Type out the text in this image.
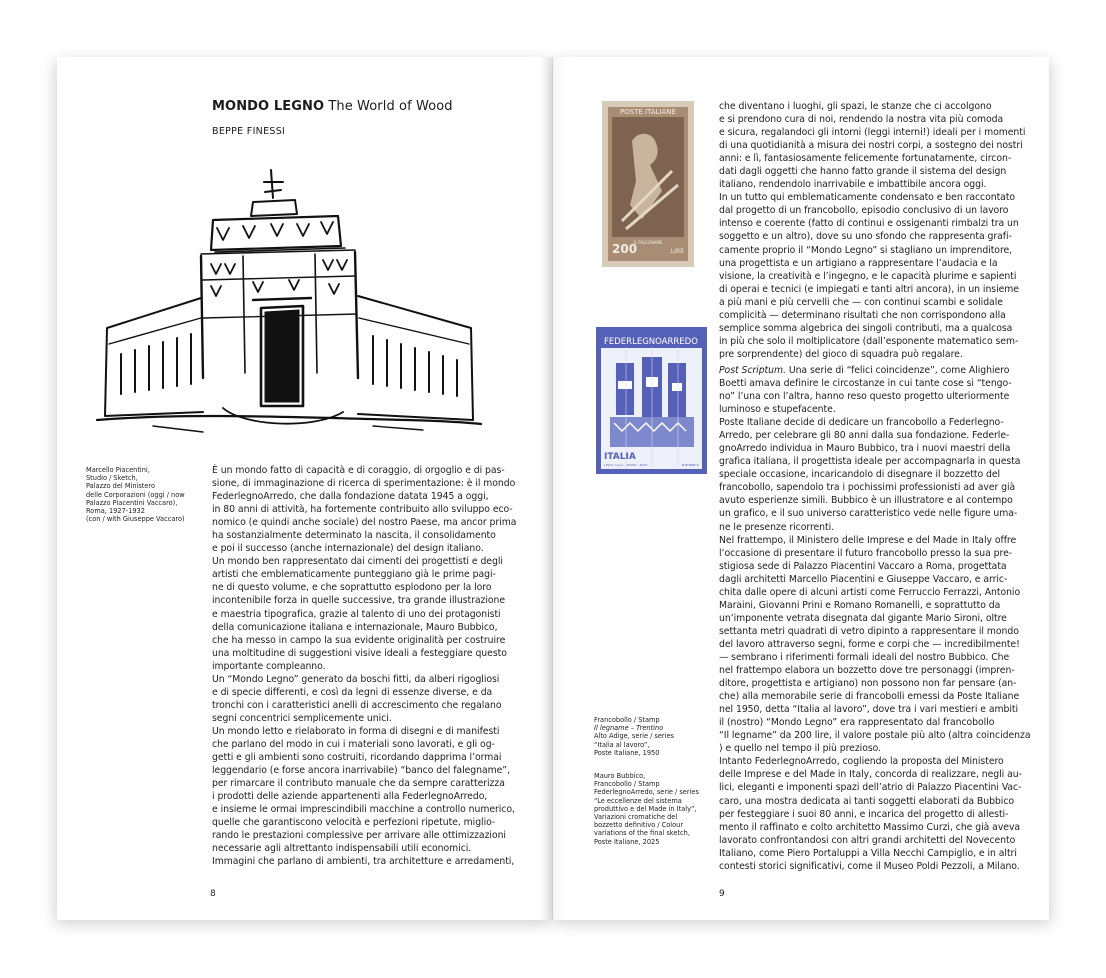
MONDO LEGNO The World of Wood
BEPPE FINESSI
Marcello Piacentini,
Studio / Sketch,
Palazzo del Ministero
delle Corporazioni (oggi / now
Palazzo Piacentini Vaccaro),
Roma, 1927-1932
(con / with Giuseppe Vaccaro)
È un mondo fatto di capacità e di coraggio, di orgoglio e di pas-
sione, di immaginazione di ricerca di sperimentazione: è il mondo
FederlegnoArredo, che dalla fondazione datata 1945 a oggi,
in 80 anni di attività, ha fortemente contribuito allo sviluppo eco-
nomico (e quindi anche sociale) del nostro Paese, ma ancor prima
ha sostanzialmente determinato la nascita, il consolidamento
e poi il successo (anche internazionale) del design italiano.
Un mondo ben rappresentato dai cimenti dei progettisti e degli
artisti che emblematicamente punteggiano già le prime pagi-
ne di questo volume, e che soprattutto esplodono per la loro
incontenibile forza in quelle successive, tra grande illustrazione
e maestria tipografica, grazie al talento di uno dei protagonisti
della comunicazione italiana e internazionale, Mauro Bubbico,
che ha messo in campo la sua evidente originalità per costruire
una moltitudine di suggestioni visive ideali a festeggiare questo
importante compleanno.
Un “Mondo Legno” generato da boschi fitti, da alberi rigogliosi
e di specie differenti, e così da legni di essenze diverse, e da
tronchi con i caratteristici anelli di accrescimento che regalano
segni concentrici semplicemente unici.
Un mondo letto e rielaborato in forma di disegni e di manifesti
che parlano del modo in cui i materiali sono lavorati, e gli og-
getti e gli ambienti sono costruiti, ricordando dapprima l’ormai
leggendario (e forse ancora inarrivabile) “banco del falegname”,
per rimarcare il contributo manuale che da sempre caratterizza
i prodotti delle aziende appartenenti alla FederlegnoArredo,
e insieme le ormai imprescindibili macchine a controllo numerico,
quelle che garantiscono velocità e perfezioni ripetute, miglio-
rando le prestazioni complessive per arrivare alle ottimizzazioni
necessarie agli altrettanto indispensabili utili economici.
Immagini che parlano di ambienti, tra architetture e arredamenti,
8
POSTE ITALIANE
200	LIRE
IL FALEGNAME
FEDERLEGNOARREDO
ITALIA
I.P.Z.S. S.p.A. – ROMA – 2025	M.BUBBICO
Francobollo / Stamp
Il legname – Trentino
Alto Adige, serie / series
“Italia al lavoro”,
Poste Italiane, 1950
Mauro Bubbico,
Francobollo / Stamp
FederlegnoArredo, serie / series
“Le eccellenze del sistema
produttivo e del Made in Italy”,
Variazioni cromatiche del
bozzetto definitivo / Colour
variations of the final sketch,
Poste Italiane, 2025
che diventano i luoghi, gli spazi, le stanze che ci accolgono
e si prendono cura di noi, rendendo la nostra vita più comoda
e sicura, regalandoci gli intorni (leggi interni!) ideali per i momenti
di una quotidianità a misura dei nostri corpi, a sostegno dei nostri
anni: e lì, fantasiosamente felicemente fortunatamente, circon-
dati dagli oggetti che hanno fatto grande il sistema del design
italiano, rendendolo inarrivabile e imbattibile ancora oggi.
In un tutto qui emblematicamente condensato e ben raccontato
dal progetto di un francobollo, episodio conclusivo di un lavoro
intenso e coerente (fatto di continui e ossigenanti rimbalzi tra un
soggetto e un altro), dove su uno sfondo che rappresenta grafi-
camente proprio il “Mondo Legno” si stagliano un imprenditore,
una progettista e un artigiano a rappresentare l’audacia e la
visione, la creatività e l’ingegno, e le capacità plurime e sapienti
di operai e tecnici (e impiegati e tanti altri ancora), in un insieme
a più mani e più cervelli che — con continui scambi e solidale
complicità — determinano risultati che non corrispondono alla
semplice somma algebrica dei singoli contributi, ma a qualcosa
in più che solo il moltiplicatore (dall’esponente matematico sem-
pre sorprendente) del gioco di squadra può regalare.
Post Scriptum. Una serie di “felici coincidenze”, come Alighiero
Boetti amava definire le circostanze in cui tante cose si “tengo-
no” l’una con l’altra, hanno reso questo progetto ulteriormente
luminoso e stupefacente.
Poste Italiane decide di dedicare un francobollo a Federlegno-
Arredo, per celebrare gli 80 anni dalla sua fondazione. Federle-
gnoArredo individua in Mauro Bubbico, tra i nuovi maestri della
grafica italiana, il progettista ideale per accompagnarla in questa
speciale occasione, incaricandolo di disegnare il bozzetto del
francobollo, sapendolo tra i pochissimi professionisti ad aver già
avuto esperienze simili. Bubbico è un illustratore e al contempo
un grafico, e il suo universo caratteristico vede nelle figure uma-
ne le presenze ricorrenti.
Nel frattempo, il Ministero delle Imprese e del Made in Italy offre
l’occasione di presentare il futuro francobollo presso la sua pre-
stigiosa sede di Palazzo Piacentini Vaccaro a Roma, progettata
dagli architetti Marcello Piacentini e Giuseppe Vaccaro, e arric-
chita dalle opere di alcuni artisti come Ferruccio Ferrazzi, Antonio
Maraini, Giovanni Prini e Romano Romanelli, e soprattutto da
un’imponente vetrata disegnata dal gigante Mario Sironi, oltre
settanta metri quadrati di vetro dipinto a rappresentare il mondo
del lavoro attraverso segni, forme e corpi che — incredibilmente!
— sembrano i riferimenti formali ideali del nostro Bubbico. Che
nel frattempo elabora un bozzetto dove tre personaggi (impren-
ditore, progettista e artigiano) non possono non far pensare (an-
che) alla memorabile serie di francobolli emessi da Poste Italiane
nel 1950, detta “Italia al lavoro”, dove tra i vari mestieri e ambiti
il (nostro) “Mondo Legno” era rappresentato dal francobollo
“Il legname” da 200 lire, il valore postale più alto (altra coincidenza
) e quello nel tempo il più prezioso.
Intanto FederlegnoArredo, cogliendo la proposta del Ministero
delle Imprese e del Made in Italy, concorda di realizzare, negli au-
lici, eleganti e imponenti spazi dell’atrio di Palazzo Piacentini Vac-
caro, una mostra dedicata ai tanti soggetti elaborati da Bubbico
per festeggiare i suoi 80 anni, e incarica del progetto di allesti-
mento il raffinato e colto architetto Massimo Curzi, che già aveva
lavorato confrontandosi con altri grandi architetti del Novecento
Italiano, come Piero Portaluppi a Villa Necchi Campiglio, e in altri
contesti storici significativi, come il Museo Poldi Pezzoli, a Milano.
9
